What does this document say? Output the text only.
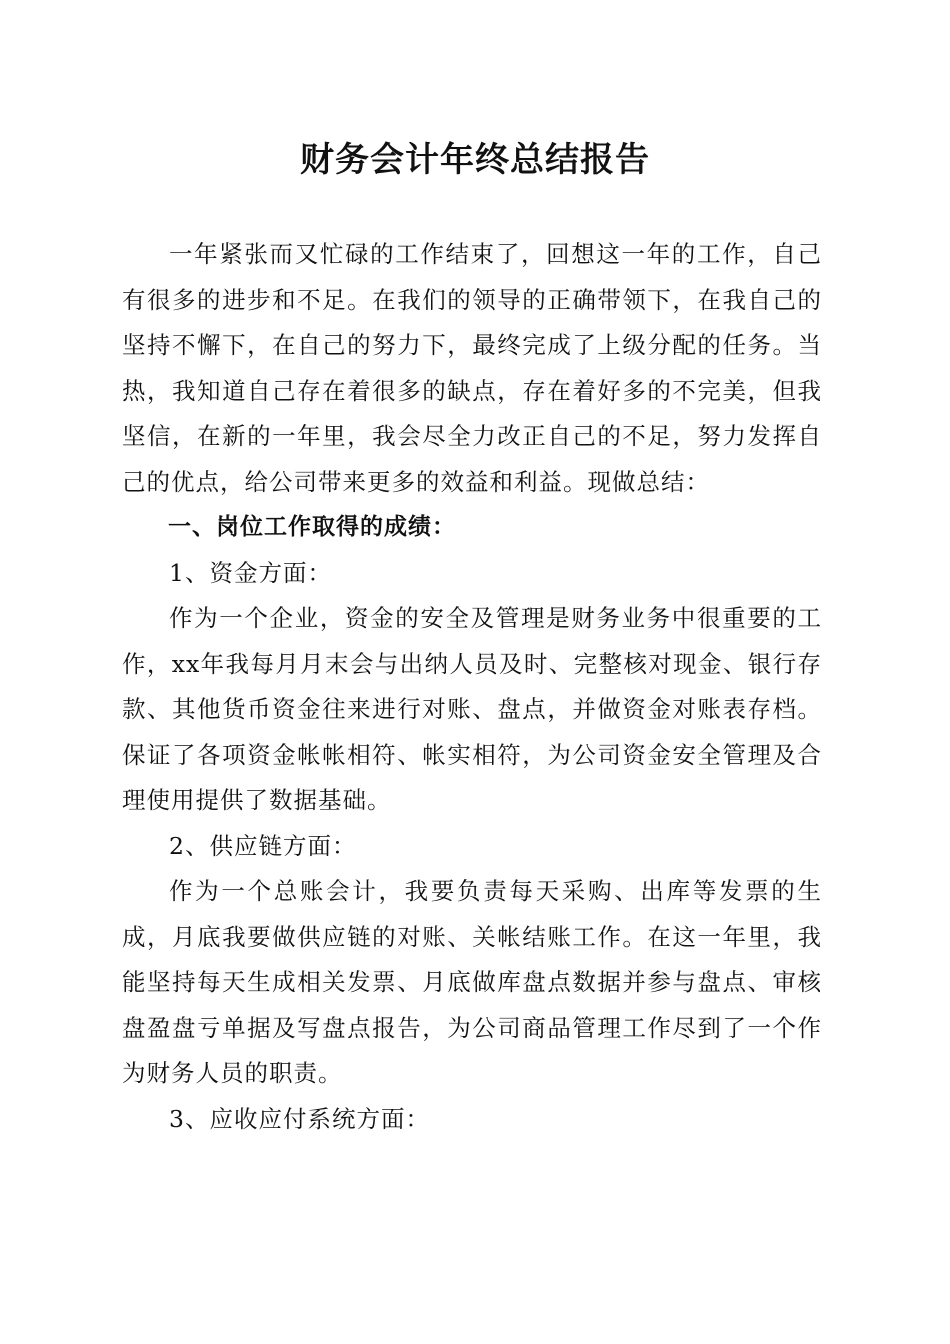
财务会计年终总结报告

一年紧张而又忙碌的工作结束了，回想这一年的工作，自己有很多的进步和不足。在我们的领导的正确带领下，在我自己的坚持不懈下，在自己的努力下，最终完成了上级分配的任务。当热，我知道自己存在着很多的缺点，存在着好多的不完美，但我坚信，在新的一年里，我会尽全力改正自己的不足，努力发挥自己的优点，给公司带来更多的效益和利益。现做总结：

一、岗位工作取得的成绩：

1、资金方面：

作为一个企业，资金的安全及管理是财务业务中很重要的工作，xx年我每月月末会与出纳人员及时、完整核对现金、银行存款、其他货币资金往来进行对账、盘点，并做资金对账表存档。保证了各项资金帐帐相符、帐实相符，为公司资金安全管理及合理使用提供了数据基础。

2、供应链方面：

作为一个总账会计，我要负责每天采购、出库等发票的生成，月底我要做供应链的对账、关帐结账工作。在这一年里，我能坚持每天生成相关发票、月底做库盘点数据并参与盘点、审核盘盈盘亏单据及写盘点报告，为公司商品管理工作尽到了一个作为财务人员的职责。

3、应收应付系统方面：
